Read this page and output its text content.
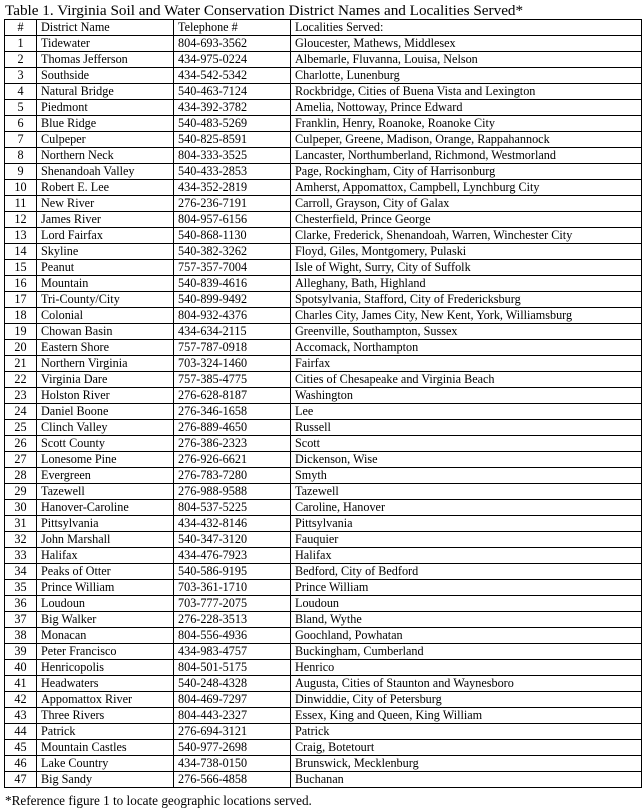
Table 1. Virginia Soil and Water Conservation District Names and Localities Served*
#	District Name	Telephone #	Localities Served:
1	Tidewater	804-693-3562	Gloucester, Mathews, Middlesex
2	Thomas Jefferson	434-975-0224	Albemarle, Fluvanna, Louisa, Nelson
3	Southside	434-542-5342	Charlotte, Lunenburg
4	Natural Bridge	540-463-7124	Rockbridge, Cities of Buena Vista and Lexington
5	Piedmont	434-392-3782	Amelia, Nottoway, Prince Edward
6	Blue Ridge	540-483-5269	Franklin, Henry, Roanoke, Roanoke City
7	Culpeper	540-825-8591	Culpeper, Greene, Madison, Orange, Rappahannock
8	Northern Neck	804-333-3525	Lancaster, Northumberland, Richmond, Westmorland
9	Shenandoah Valley	540-433-2853	Page, Rockingham, City of Harrisonburg
10	Robert E. Lee	434-352-2819	Amherst, Appomattox, Campbell, Lynchburg City
11	New River	276-236-7191	Carroll, Grayson, City of Galax
12	James River	804-957-6156	Chesterfield, Prince George
13	Lord Fairfax	540-868-1130	Clarke, Frederick, Shenandoah, Warren, Winchester City
14	Skyline	540-382-3262	Floyd, Giles, Montgomery, Pulaski
15	Peanut	757-357-7004	Isle of Wight, Surry, City of Suffolk
16	Mountain	540-839-4616	Alleghany, Bath, Highland
17	Tri-County/City	540-899-9492	Spotsylvania, Stafford, City of Fredericksburg
18	Colonial	804-932-4376	Charles City, James City, New Kent, York, Williamsburg
19	Chowan Basin	434-634-2115	Greenville, Southampton, Sussex
20	Eastern Shore	757-787-0918	Accomack, Northampton
21	Northern Virginia	703-324-1460	Fairfax
22	Virginia Dare	757-385-4775	Cities of Chesapeake and Virginia Beach
23	Holston River	276-628-8187	Washington
24	Daniel Boone	276-346-1658	Lee
25	Clinch Valley	276-889-4650	Russell
26	Scott County	276-386-2323	Scott
27	Lonesome Pine	276-926-6621	Dickenson, Wise
28	Evergreen	276-783-7280	Smyth
29	Tazewell	276-988-9588	Tazewell
30	Hanover-Caroline	804-537-5225	Caroline, Hanover
31	Pittsylvania	434-432-8146	Pittsylvania
32	John Marshall	540-347-3120	Fauquier
33	Halifax	434-476-7923	Halifax
34	Peaks of Otter	540-586-9195	Bedford, City of Bedford
35	Prince William	703-361-1710	Prince William
36	Loudoun	703-777-2075	Loudoun
37	Big Walker	276-228-3513	Bland, Wythe
38	Monacan	804-556-4936	Goochland, Powhatan
39	Peter Francisco	434-983-4757	Buckingham, Cumberland
40	Henricopolis	804-501-5175	Henrico
41	Headwaters	540-248-4328	Augusta, Cities of Staunton and Waynesboro
42	Appomattox River	804-469-7297	Dinwiddie, City of Petersburg
43	Three Rivers	804-443-2327	Essex, King and Queen, King William
44	Patrick	276-694-3121	Patrick
45	Mountain Castles	540-977-2698	Craig, Botetourt
46	Lake Country	434-738-0150	Brunswick, Mecklenburg
47	Big Sandy	276-566-4858	Buchanan
*Reference figure 1 to locate geographic locations served.
